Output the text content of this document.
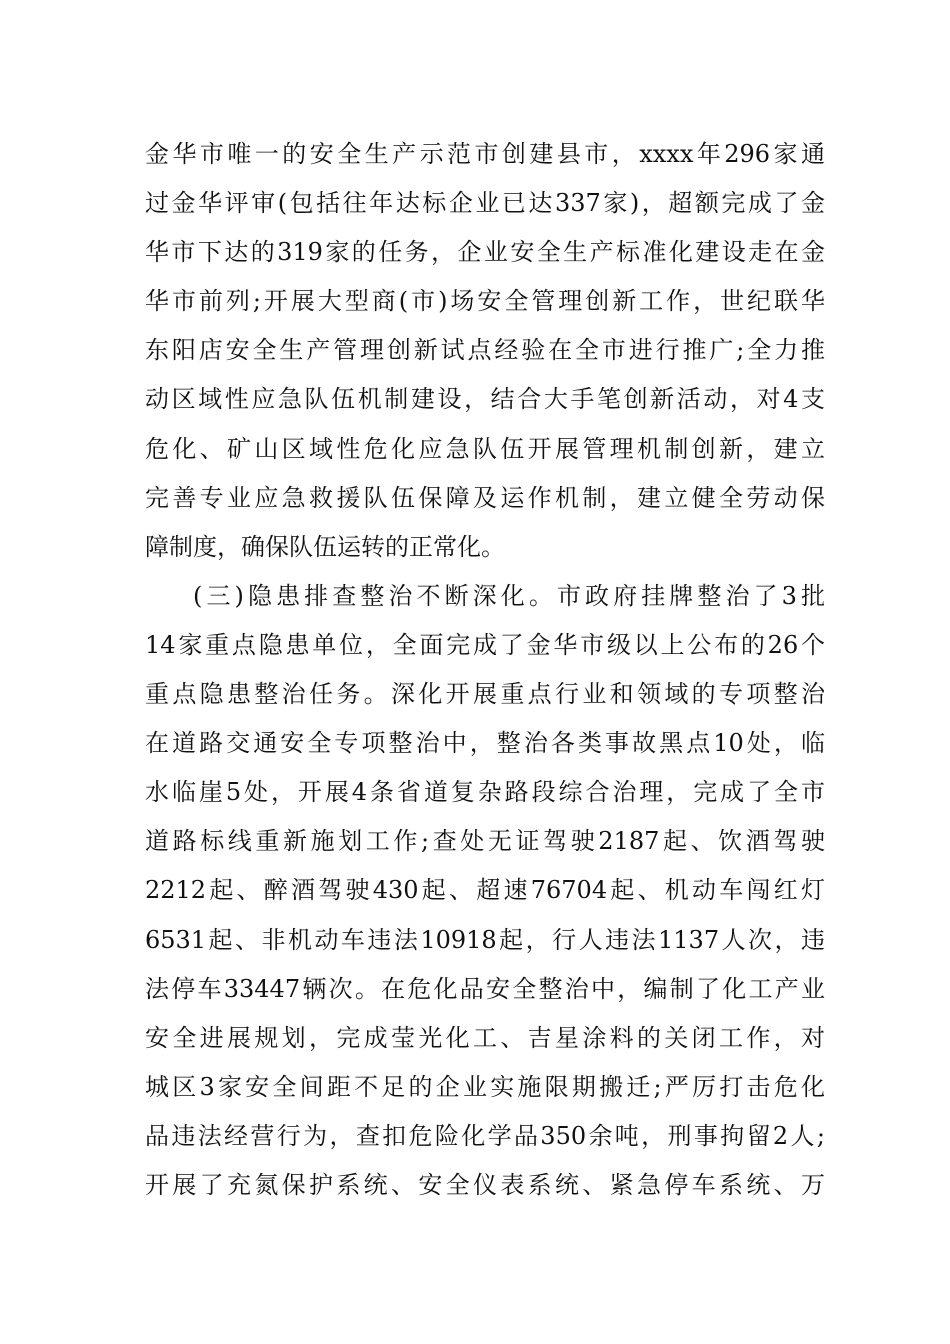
金华市唯一的安全生产示范市创建县市，xxxx年296家通
过金华评审(包括往年达标企业已达337家)，超额完成了金
华市下达的319家的任务，企业安全生产标准化建设走在金
华市前列;开展大型商(市)场安全管理创新工作，世纪联华
东阳店安全生产管理创新试点经验在全市进行推广;全力推
动区域性应急队伍机制建设，结合大手笔创新活动，对4支
危化、矿山区域性危化应急队伍开展管理机制创新，建立
完善专业应急救援队伍保障及运作机制，建立健全劳动保
障制度，确保队伍运转的正常化。
(三)隐患排查整治不断深化。市政府挂牌整治了3批
14家重点隐患单位，全面完成了金华市级以上公布的26个
重点隐患整治任务。深化开展重点行业和领域的专项整治
在道路交通安全专项整治中，整治各类事故黑点10处，临
水临崖5处，开展4条省道复杂路段综合治理，完成了全市
道路标线重新施划工作;查处无证驾驶2187起、饮酒驾驶
2212起、醉酒驾驶430起、超速76704起、机动车闯红灯
6531起、非机动车违法10918起，行人违法1137人次，违
法停车33447辆次。在危化品安全整治中，编制了化工产业
安全进展规划，完成莹光化工、吉星涂料的关闭工作，对
城区3家安全间距不足的企业实施限期搬迁;严厉打击危化
品违法经营行为，查扣危险化学品350余吨，刑事拘留2人;
开展了充氮保护系统、安全仪表系统、紧急停车系统、万
